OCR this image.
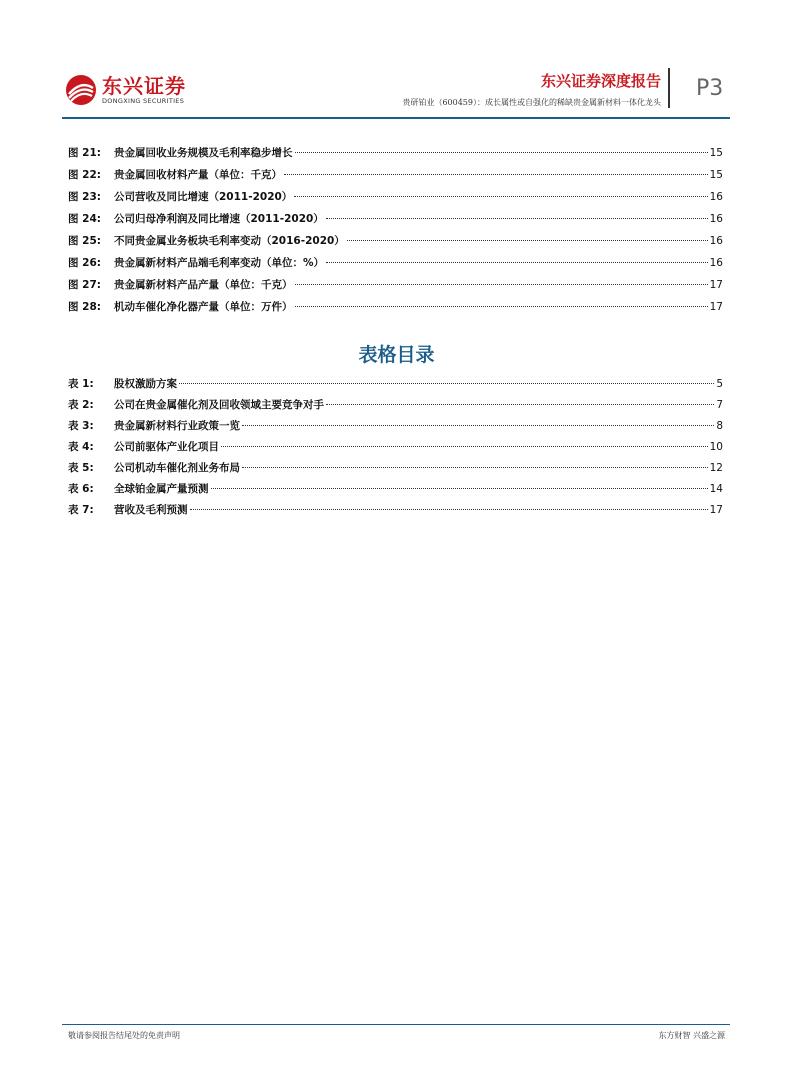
东兴证券
DONGXING SECURITIES
东兴证券深度报告
贵研铂业（600459）：成长属性或自强化的稀缺贵金属新材料一体化龙头
P3
图 21:	贵金属回收业务规模及毛利率稳步增长	15
图 22:	贵金属回收材料产量（单位：千克）	15
图 23:	公司营收及同比增速（2011-2020）	16
图 24:	公司归母净利润及同比增速（2011-2020）	16
图 25:	不同贵金属业务板块毛利率变动（2016-2020）	16
图 26:	贵金属新材料产品端毛利率变动（单位：%）	16
图 27:	贵金属新材料产品产量（单位：千克）	17
图 28:	机动车催化净化器产量（单位：万件）	17
表格目录
表 1:	股权激励方案	5
表 2:	公司在贵金属催化剂及回收领域主要竞争对手	7
表 3:	贵金属新材料行业政策一览	8
表 4:	公司前驱体产业化项目	10
表 5:	公司机动车催化剂业务布局	12
表 6:	全球铂金属产量预测	14
表 7:	营收及毛利预测	17
敬请参阅报告结尾处的免责声明	东方财智 兴盛之源
